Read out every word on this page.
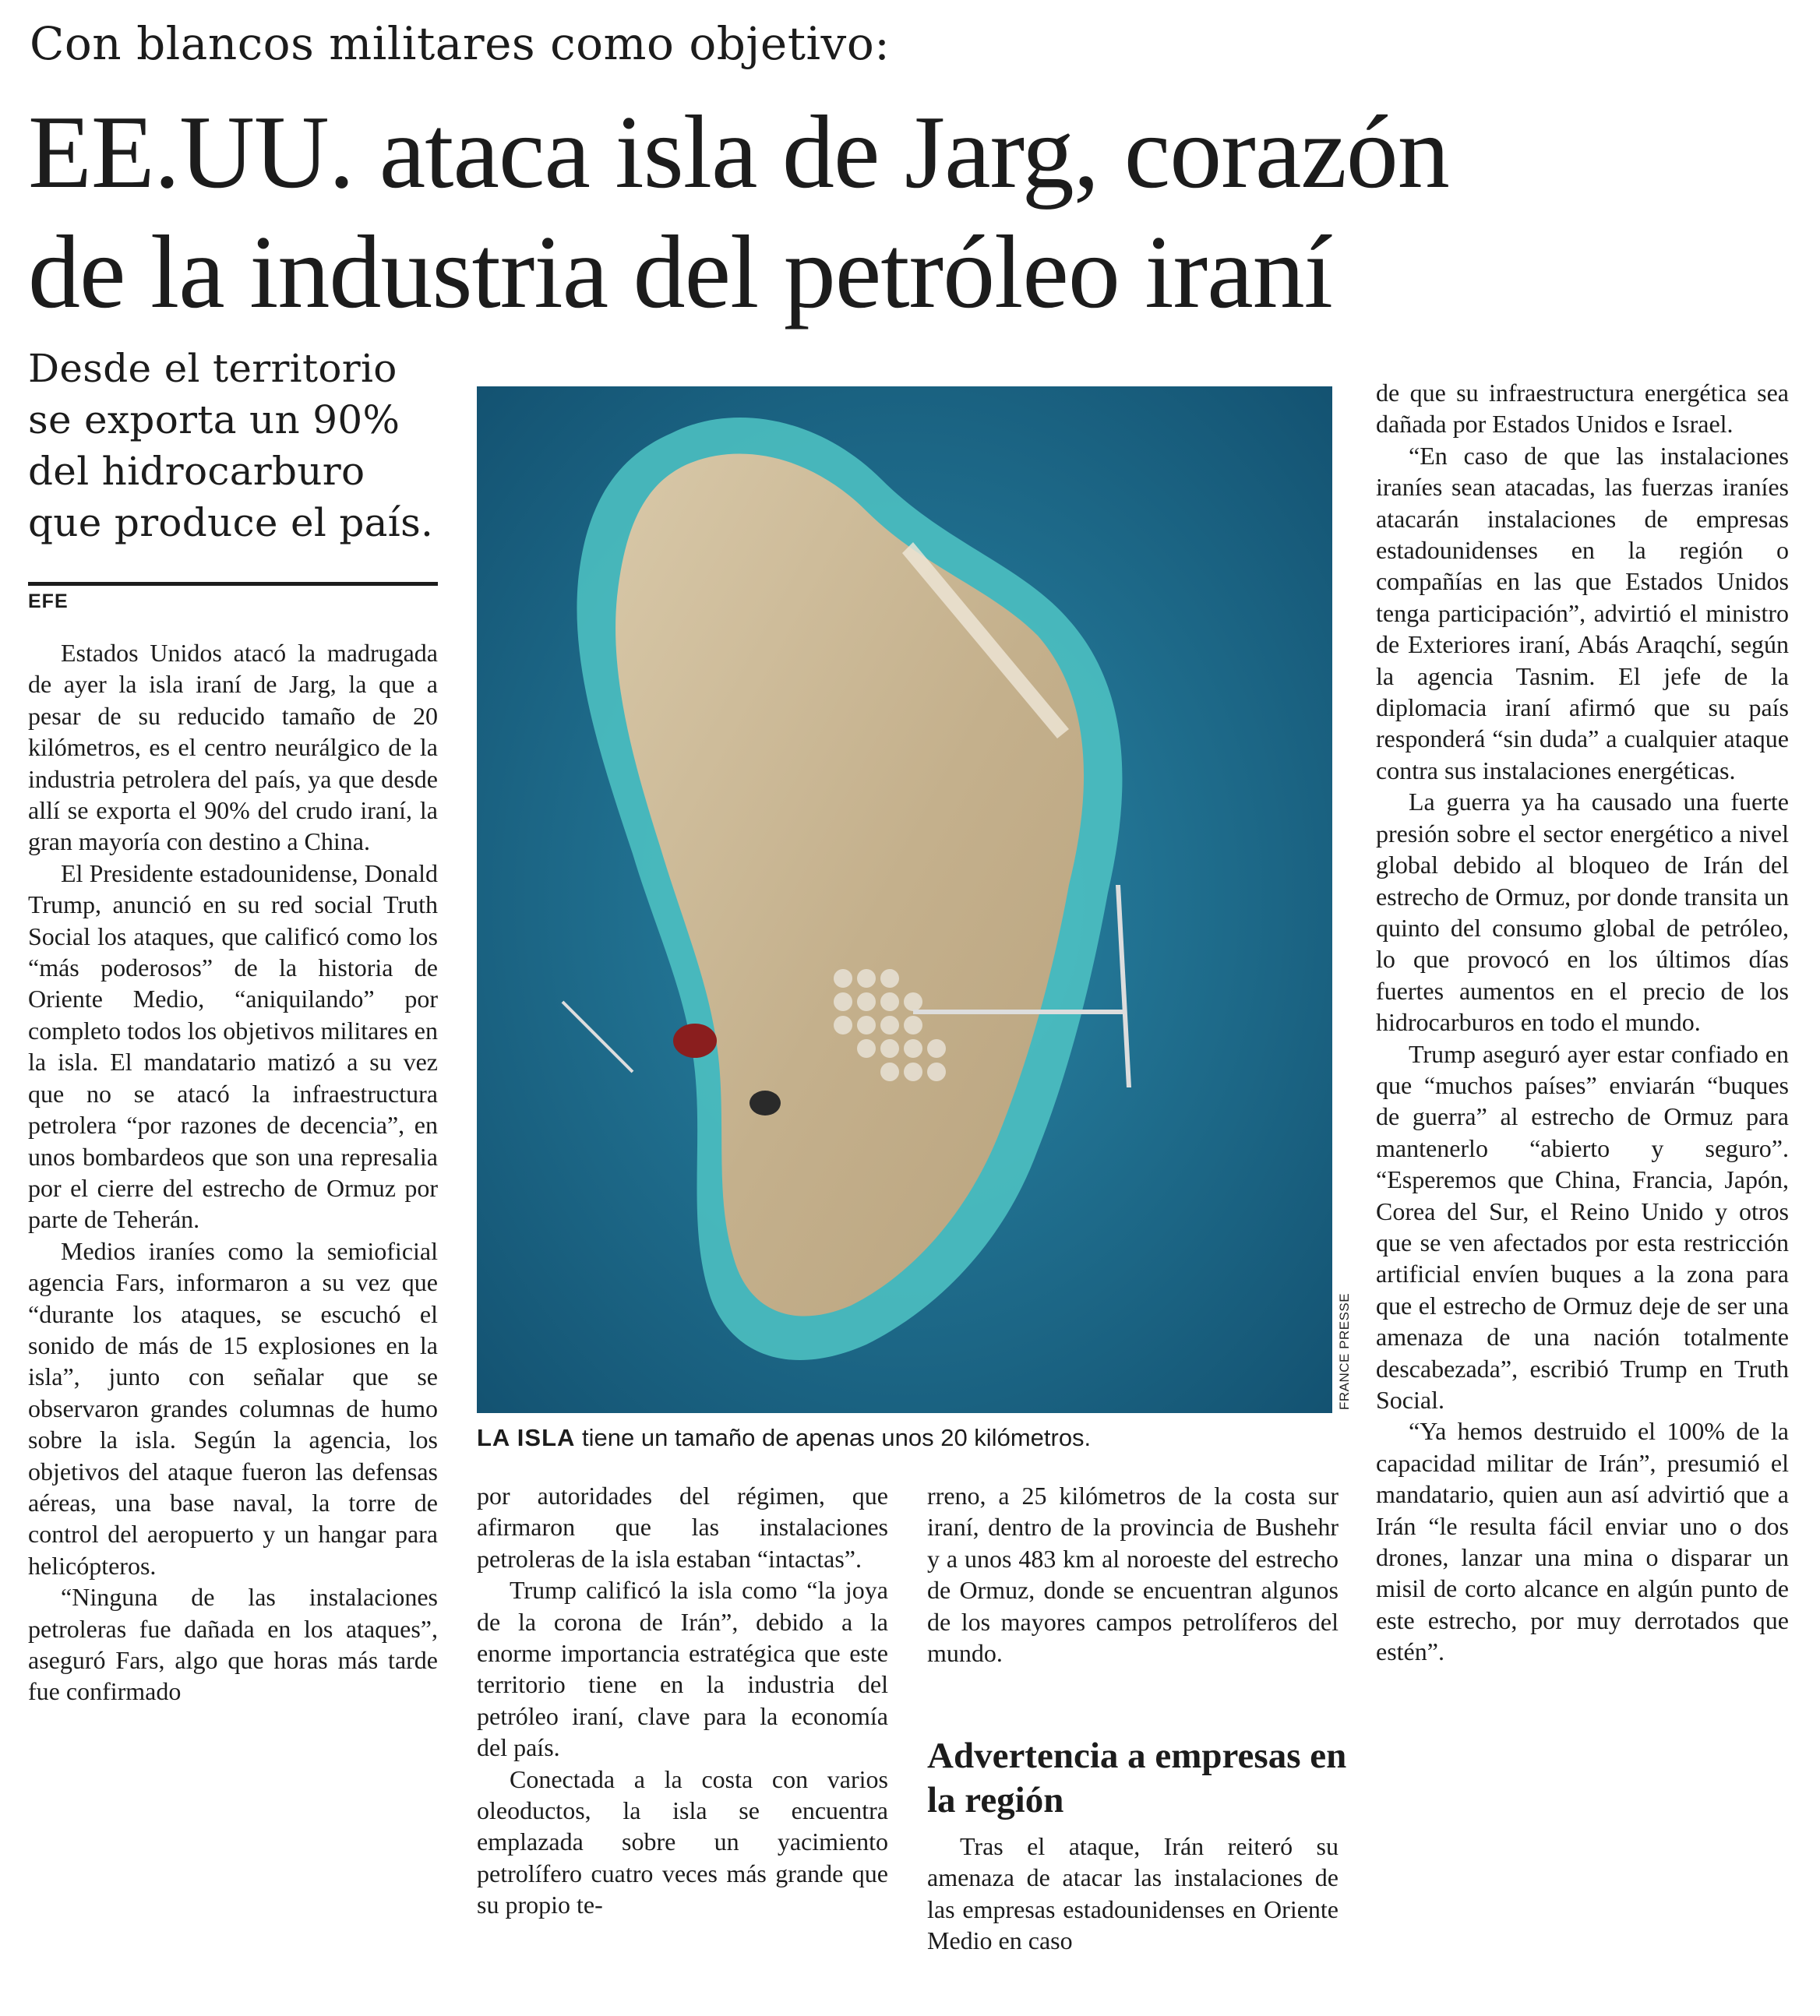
Con blancos militares como objetivo:
EE.UU. ataca isla de Jarg, corazón
de la industria del petróleo iraní
Desde el territorio se exporta un 90% del hidrocarburo que produce el país.
EFE

Estados Unidos atacó la madrugada de ayer la isla iraní de Jarg, la que a pesar de su reducido tamaño de 20 kilómetros, es el centro neurálgico de la industria petrolera del país, ya que desde allí se exporta el 90% del crudo iraní, la gran mayoría con destino a China.

El Presidente estadounidense, Donald Trump, anunció en su red social Truth Social los ataques, que calificó como los “más poderosos” de la historia de Oriente Medio, “aniquilando” por completo todos los objetivos militares en la isla. El mandatario matizó a su vez que no se atacó la infraestructura petrolera “por razones de decencia”, en unos bombardeos que son una represalia por el cierre del estrecho de Ormuz por parte de Teherán.

Medios iraníes como la semioficial agencia Fars, informaron a su vez que “durante los ataques, se escuchó el sonido de más de 15 explosiones en la isla”, junto con señalar que se observaron grandes columnas de humo sobre la isla. Según la agencia, los objetivos del ataque fueron las defensas aéreas, una base naval, la torre de control del aeropuerto y un hangar para helicópteros.

“Ninguna de las instalaciones petroleras fue dañada en los ataques”, aseguró Fars, algo que horas más tarde fue confirmado

FRANCE PRESSE
LA ISLA tiene un tamaño de apenas unos 20 kilómetros.

por autoridades del régimen, que afirmaron que las instalaciones petroleras de la isla estaban “intactas”.

Trump calificó la isla como “la joya de la corona de Irán”, debido a la enorme importancia estratégica que este territorio tiene en la industria del petróleo iraní, clave para la economía del país.

Conectada a la costa con varios oleoductos, la isla se encuentra emplazada sobre un yacimiento petrolífero cuatro veces más grande que su propio te-

rreno, a 25 kilómetros de la costa sur iraní, dentro de la provincia de Bushehr y a unos 483 km al noroeste del estrecho de Ormuz, donde se encuentran algunos de los mayores campos petrolíferos del mundo.

Advertencia a empresas en la región

Tras el ataque, Irán reiteró su amenaza de atacar las instalaciones de las empresas estadounidenses en Oriente Medio en caso

de que su infraestructura energética sea dañada por Estados Unidos e Israel.

“En caso de que las instalaciones iraníes sean atacadas, las fuerzas iraníes atacarán instalaciones de empresas estadounidenses en la región o compañías en las que Estados Unidos tenga participación”, advirtió el ministro de Exteriores iraní, Abás Araqchí, según la agencia Tasnim. El jefe de la diplomacia iraní afirmó que su país responderá “sin duda” a cualquier ataque contra sus instalaciones energéticas.

La guerra ya ha causado una fuerte presión sobre el sector energético a nivel global debido al bloqueo de Irán del estrecho de Ormuz, por donde transita un quinto del consumo global de petróleo, lo que provocó en los últimos días fuertes aumentos en el precio de los hidrocarburos en todo el mundo.

Trump aseguró ayer estar confiado en que “muchos países” enviarán “buques de guerra” al estrecho de Ormuz para mantenerlo “abierto y seguro”. “Esperemos que China, Francia, Japón, Corea del Sur, el Reino Unido y otros que se ven afectados por esta restricción artificial envíen buques a la zona para que el estrecho de Ormuz deje de ser una amenaza de una nación totalmente descabezada”, escribió Trump en Truth Social.

“Ya hemos destruido el 100% de la capacidad militar de Irán”, presumió el mandatario, quien aun así advirtió que a Irán “le resulta fácil enviar uno o dos drones, lanzar una mina o disparar un misil de corto alcance en algún punto de este estrecho, por muy derrotados que estén”.
